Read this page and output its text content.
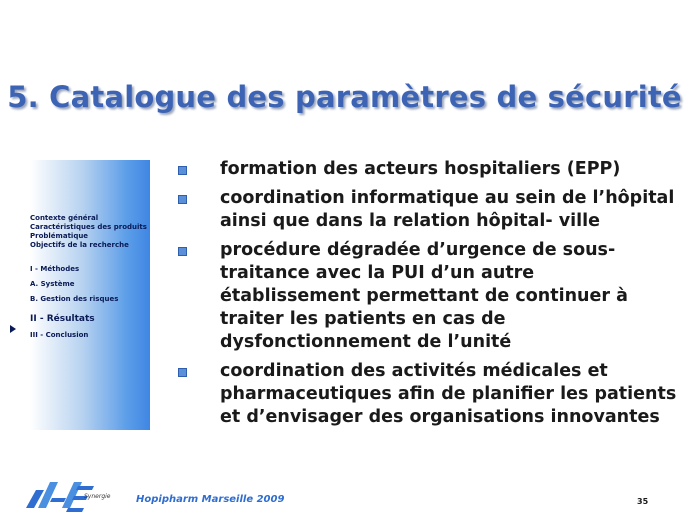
5. Catalogue des paramètres de sécurité
Contexte général
Caractéristiques des produits
Problématique
Objectifs de la recherche
I - Méthodes
A. Système
B. Gestion des risques
II - Résultats
III - Conclusion
formation des acteurs hospitaliers (EPP)
coordination informatique au sein de l’hôpital ainsi que dans la relation hôpital- ville
procédure dégradée d’urgence de sous-traitance avec la PUI d’un autre établissement permettant de continuer à traiter les patients en cas de dysfonctionnement de l’unité
coordination des activités médicales et pharmaceutiques afin de planifier les patients et d’envisager des organisations innovantes
Synergie	Hopipharm Marseille 2009	35
